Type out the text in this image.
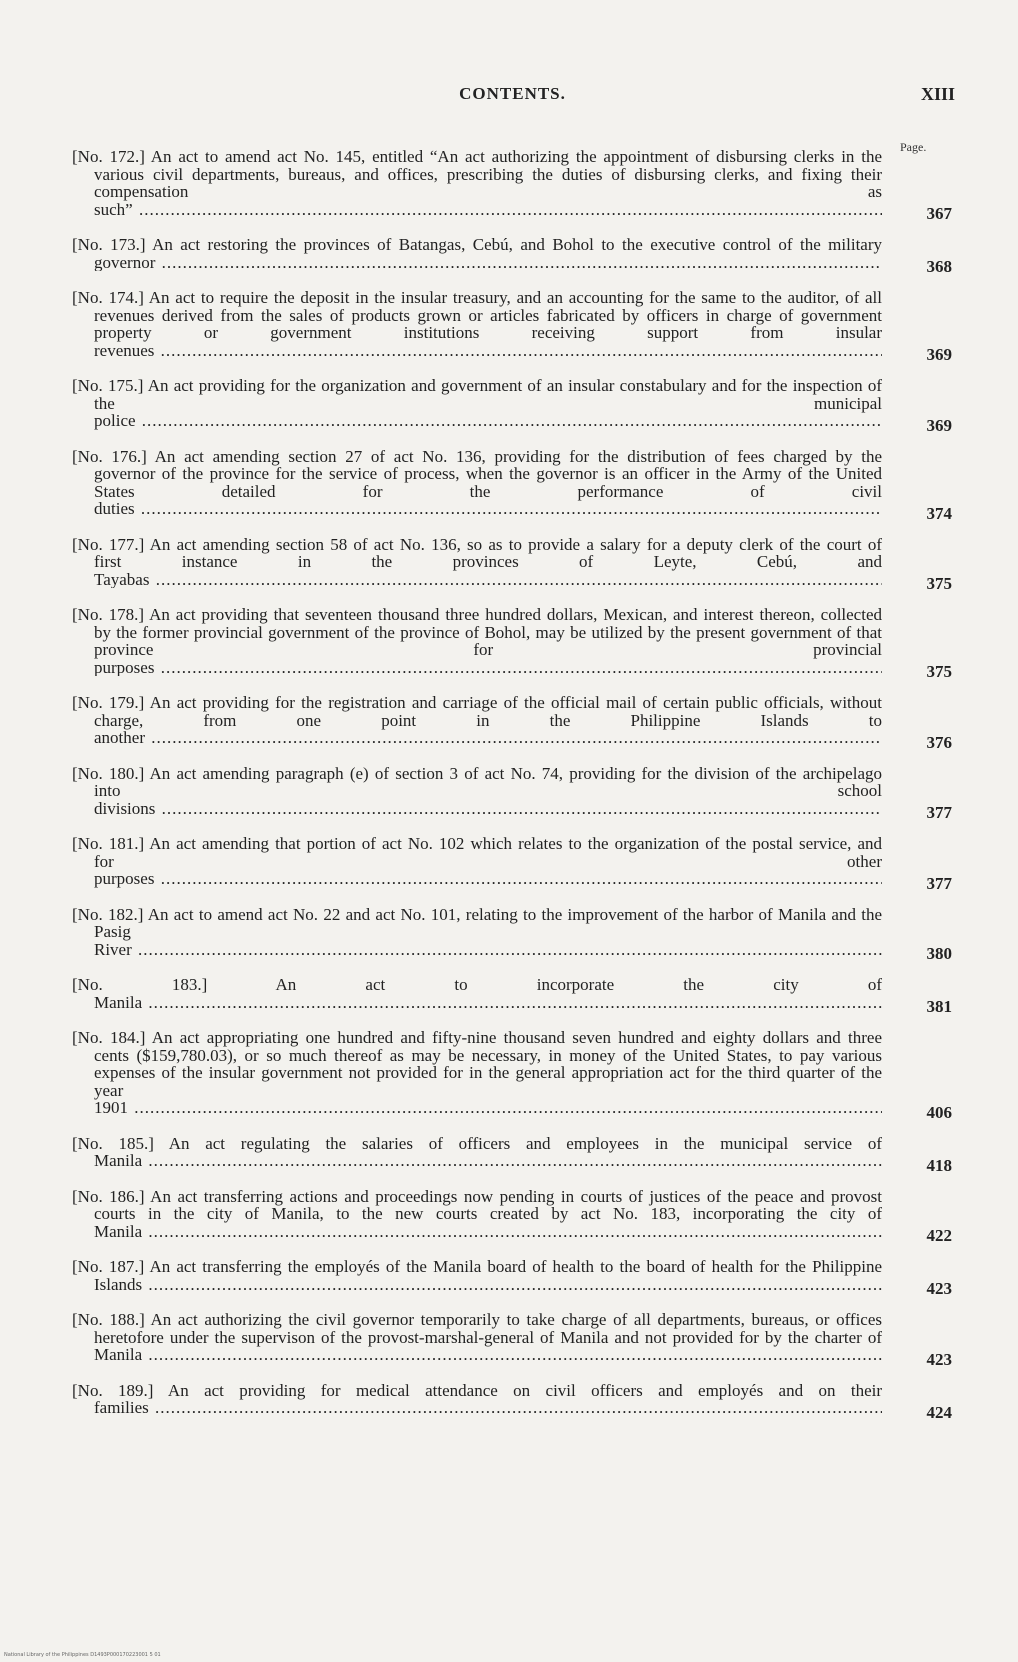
CONTENTS.	XIII
Page.
[No. 172.] An act to amend act No. 145, entitled “An act authorizing the appointment of disbursing clerks in the various civil departments, bureaus, and offices, prescribing the duties of disbursing clerks, and fixing their compensation as such” .....	367
[No. 173.] An act restoring the provinces of Batangas, Cebú, and Bohol to the executive control of the military governor .....	368
[No. 174.] An act to require the deposit in the insular treasury, and an accounting for the same to the auditor, of all revenues derived from the sales of products grown or articles fabricated by officers in charge of government property or government institutions receiving support from insular revenues .....	369
[No. 175.] An act providing for the organization and government of an insular constabulary and for the inspection of the municipal police .....	369
[No. 176.] An act amending section 27 of act No. 136, providing for the distribution of fees charged by the governor of the province for the service of process, when the governor is an officer in the Army of the United States detailed for the performance of civil duties .....	374
[No. 177.] An act amending section 58 of act No. 136, so as to provide a salary for a deputy clerk of the court of first instance in the provinces of Leyte, Cebú, and Tayabas .....	375
[No. 178.] An act providing that seventeen thousand three hundred dollars, Mexican, and interest thereon, collected by the former provincial government of the province of Bohol, may be utilized by the present government of that province for provincial purposes .....	375
[No. 179.] An act providing for the registration and carriage of the official mail of certain public officials, without charge, from one point in the Philippine Islands to another .....	376
[No. 180.] An act amending paragraph (e) of section 3 of act No. 74, providing for the division of the archipelago into school divisions .....	377
[No. 181.] An act amending that portion of act No. 102 which relates to the organization of the postal service, and for other purposes .....	377
[No. 182.] An act to amend act No. 22 and act No. 101, relating to the improvement of the harbor of Manila and the Pasig River .....	380
[No. 183.]	An act to incorporate the city of Manila .....	381
[No. 184.] An act appropriating one hundred and fifty-nine thousand seven hundred and eighty dollars and three cents ($159,780.03), or so much thereof as may be necessary, in money of the United States, to pay various expenses of the insular government not provided for in the general appropriation act for the third quarter of the year 1901 .....	406
[No. 185.] An act regulating the salaries of officers and employees in the municipal service of Manila .....	418
[No. 186.] An act transferring actions and proceedings now pending in courts of justices of the peace and provost courts in the city of Manila, to the new courts created by act No. 183, incorporating the city of Manila .....	422
[No. 187.] An act transferring the employés of the Manila board of health to the board of health for the Philippine Islands .....	423
[No. 188.] An act authorizing the civil governor temporarily to take charge of all departments, bureaus, or offices heretofore under the supervison of the provost-marshal-general of Manila and not provided for by the charter of Manila .....	423
[No. 189.] An act providing for medical attendance on civil officers and employés and on their families .....	424
National Library of the Philippines D1493P000170223001 5 01
